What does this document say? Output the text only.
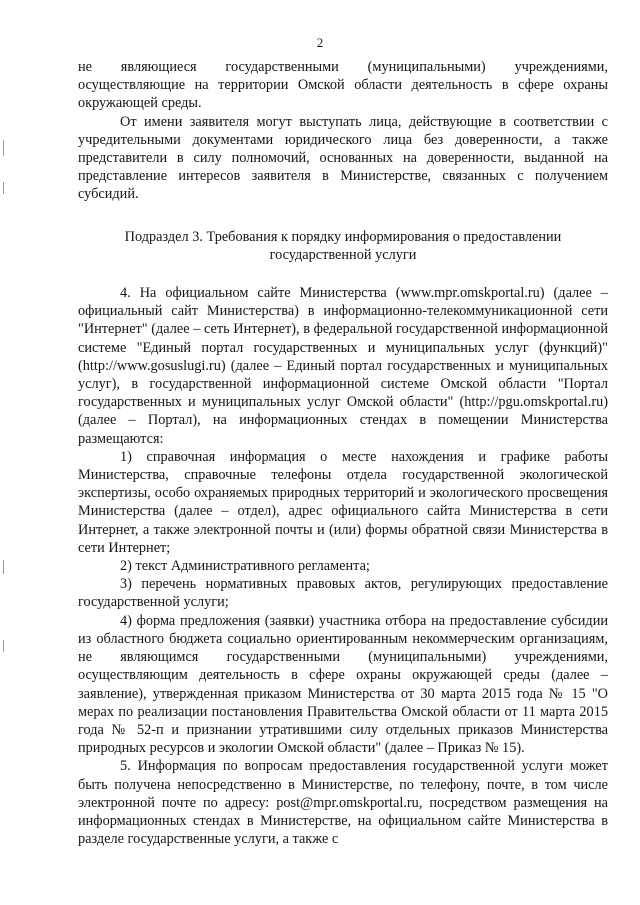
2

не являющиеся государственными (муниципальными) учреждениями, осуществляющие на территории Омской области деятельность в сфере охраны окружающей среды.

От имени заявителя могут выступать лица, действующие в соответствии с учредительными документами юридического лица без доверенности, а также представители в силу полномочий, основанных на доверенности, выданной на представление интересов заявителя в Министерстве, связанных с получением субсидий.

Подраздел 3. Требования к порядку информирования о предоставлении государственной услуги

4. На официальном сайте Министерства (www.mpr.omskportal.ru) (далее – официальный сайт Министерства) в информационно-телекоммуникационной сети "Интернет" (далее – сеть Интернет), в федеральной государственной информационной системе "Единый портал государственных и муниципальных услуг (функций)" (http://www.gosuslugi.ru) (далее – Единый портал государственных и муниципальных услуг), в государственной информационной системе Омской области "Портал государственных и муниципальных услуг Омской области" (http://pgu.omskportal.ru) (далее – Портал), на информационных стендах в помещении Министерства размещаются:

1) справочная информация о месте нахождения и графике работы Министерства, справочные телефоны отдела государственной экологической экспертизы, особо охраняемых природных территорий и экологического просвещения Министерства (далее – отдел), адрес официального сайта Министерства в сети Интернет, а также электронной почты и (или) формы обратной связи Министерства в сети Интернет;

2) текст Административного регламента;

3) перечень нормативных правовых актов, регулирующих предоставление государственной услуги;

4) форма предложения (заявки) участника отбора на предоставление субсидии из областного бюджета социально ориентированным некоммерческим организациям, не являющимся государственными (муниципальными) учреждениями, осуществляющим деятельность в сфере охраны окружающей среды (далее – заявление), утвержденная приказом Министерства от 30 марта 2015 года № 15 "О мерах по реализации постановления Правительства Омской области от 11 марта 2015 года № 52-п и признании утратившими силу отдельных приказов Министерства природных ресурсов и экологии Омской области" (далее – Приказ № 15).

5. Информация по вопросам предоставления государственной услуги может быть получена непосредственно в Министерстве, по телефону, почте, в том числе электронной почте по адресу: post@mpr.omskportal.ru, посредством размещения на информационных стендах в Министерстве, на официальном сайте Министерства в разделе государственные услуги, а также с
